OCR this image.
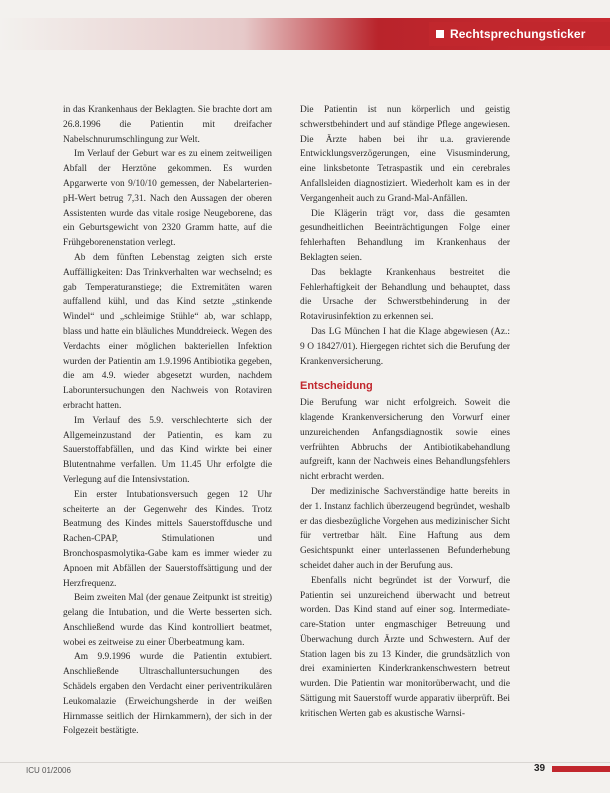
Rechtsprechungsticker

in das Krankenhaus der Beklagten. Sie brachte dort am 26.8.1996 die Patientin mit dreifacher Nabelschnurumschlingung zur Welt.

Im Verlauf der Geburt war es zu einem zeitweiligen Abfall der Herztöne gekommen. Es wurden Apgarwerte von 9/10/10 gemessen, der Nabelarterien-pH-Wert betrug 7,31. Nach den Aussagen der oberen Assistenten wurde das vitale rosige Neugeborene, das ein Geburtsgewicht von 2320 Gramm hatte, auf die Frühgeborenenstation verlegt.

Ab dem fünften Lebenstag zeigten sich erste Auffälligkeiten: Das Trinkverhalten war wechselnd; es gab Temperaturanstiege; die Extremitäten waren auffallend kühl, und das Kind setzte „stinkende Windel“ und „schleimige Stühle“ ab, war schlapp, blass und hatte ein bläuliches Munddreieck. Wegen des Verdachts einer möglichen bakteriellen Infektion wurden der Patientin am 1.9.1996 Antibiotika gegeben, die am 4.9. wieder abgesetzt wurden, nachdem Laboruntersuchungen den Nachweis von Rotaviren erbracht hatten.

Im Verlauf des 5.9. verschlechterte sich der Allgemeinzustand der Patientin, es kam zu Sauerstoffabfällen, und das Kind wirkte bei einer Blutentnahme verfallen. Um 11.45 Uhr erfolgte die Verlegung auf die Intensivstation.

Ein erster Intubationsversuch gegen 12 Uhr scheiterte an der Gegenwehr des Kindes. Trotz Beatmung des Kindes mittels Sauerstoffdusche und Rachen-CPAP, Stimulationen und Bronchospasmolytika-Gabe kam es immer wieder zu Apnoen mit Abfällen der Sauerstoffsättigung und der Herzfrequenz.

Beim zweiten Mal (der genaue Zeitpunkt ist streitig) gelang die Intubation, und die Werte besserten sich. Anschließend wurde das Kind kontrolliert beatmet, wobei es zeitweise zu einer Überbeatmung kam.

Am 9.9.1996 wurde die Patientin extubiert. Anschließende Ultraschalluntersuchungen des Schädels ergaben den Verdacht einer periventrikulären Leukomalazie (Erweichungsherde in der weißen Hirnmasse seitlich der Hirnkammern), der sich in der Folgezeit bestätigte.

Die Patientin ist nun körperlich und geistig schwerstbehindert und auf ständige Pflege angewiesen. Die Ärzte haben bei ihr u.a. gravierende Entwicklungsverzögerungen, eine Visusminderung, eine linksbetonte Tetraspastik und ein cerebrales Anfallsleiden diagnostiziert. Wiederholt kam es in der Vergangenheit auch zu Grand-Mal-Anfällen.

Die Klägerin trägt vor, dass die gesamten gesundheitlichen Beeinträchtigungen Folge einer fehlerhaften Behandlung im Krankenhaus der Beklagten seien.

Das beklagte Krankenhaus bestreitet die Fehlerhaftigkeit der Behandlung und behauptet, dass die Ursache der Schwerstbehinderung in der Rotavirusinfektion zu erkennen sei.

Das LG München I hat die Klage abgewiesen (Az.: 9 O 18427/01). Hiergegen richtet sich die Berufung der Krankenversicherung.

Entscheidung

Die Berufung war nicht erfolgreich. Soweit die klagende Krankenversicherung den Vorwurf einer unzureichenden Anfangsdiagnostik sowie eines verfrühten Abbruchs der Antibiotikabehandlung aufgreift, kann der Nachweis eines Behandlungsfehlers nicht erbracht werden.

Der medizinische Sachverständige hatte bereits in der 1. Instanz fachlich überzeugend begründet, weshalb er das diesbezügliche Vorgehen aus medizinischer Sicht für vertretbar hält. Eine Haftung aus dem Gesichtspunkt einer unterlassenen Befunderhebung scheidet daher auch in der Berufung aus.

Ebenfalls nicht begründet ist der Vorwurf, die Patientin sei unzureichend überwacht und betreut worden. Das Kind stand auf einer sog. Intermediate-care-Station unter engmaschiger Betreuung und Überwachung durch Ärzte und Schwestern. Auf der Station lagen bis zu 13 Kinder, die grundsätzlich von drei examinierten Kinderkrankenschwestern betreut wurden. Die Patientin war monitorüberwacht, und die Sättigung mit Sauerstoff wurde apparativ überprüft. Bei kritischen Werten gab es akustische Warnsi-

ICU 01/2006	39
